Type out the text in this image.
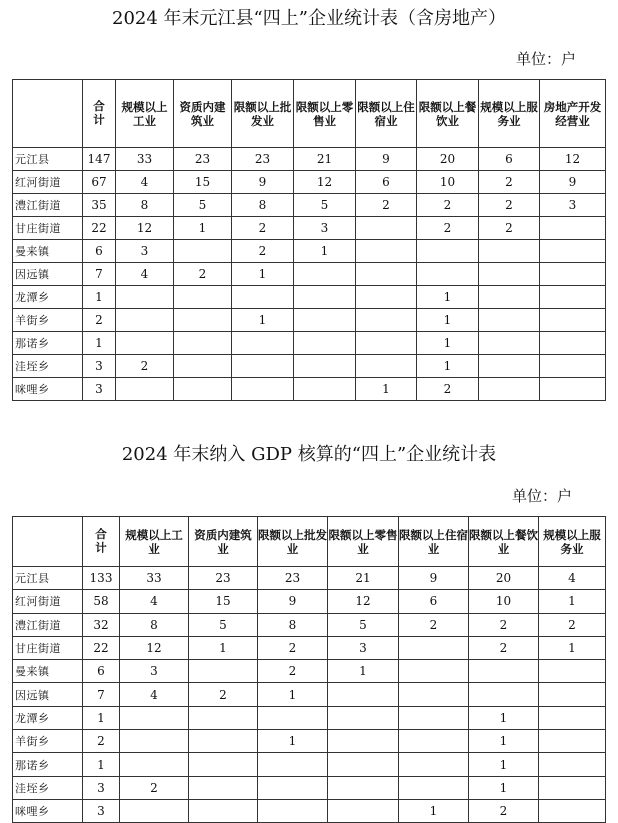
2024 年末元江县“四上”企业统计表（含房地产）
单位：户
	合计	规模以上工业	资质内建筑业	限额以上批发业	限额以上零售业	限额以上住宿业	限额以上餐饮业	规模以上服务业	房地产开发经营业
元江县	147	33	23	23	21	9	20	6	12
红河街道	67	4	15	9	12	6	10	2	9
澧江街道	35	8	5	8	5	2	2	2	3
甘庄街道	22	12	1	2	3		2	2	
曼来镇	6	3		2	1				
因远镇	7	4	2	1					
龙潭乡	1						1		
羊街乡	2			1			1		
那诺乡	1						1		
洼垤乡	3	2					1		
咪哩乡	3					1	2		
2024 年末纳入 GDP 核算的“四上”企业统计表
单位：户
	合计	规模以上工业	资质内建筑业	限额以上批发业	限额以上零售业	限额以上住宿业	限额以上餐饮业	规模以上服务业
元江县	133	33	23	23	21	9	20	4
红河街道	58	4	15	9	12	6	10	1
澧江街道	32	8	5	8	5	2	2	2
甘庄街道	22	12	1	2	3		2	1
曼来镇	6	3		2	1			
因远镇	7	4	2	1				
龙潭乡	1						1	
羊街乡	2			1			1	
那诺乡	1						1	
洼垤乡	3	2					1	
咪哩乡	3					1	2	
